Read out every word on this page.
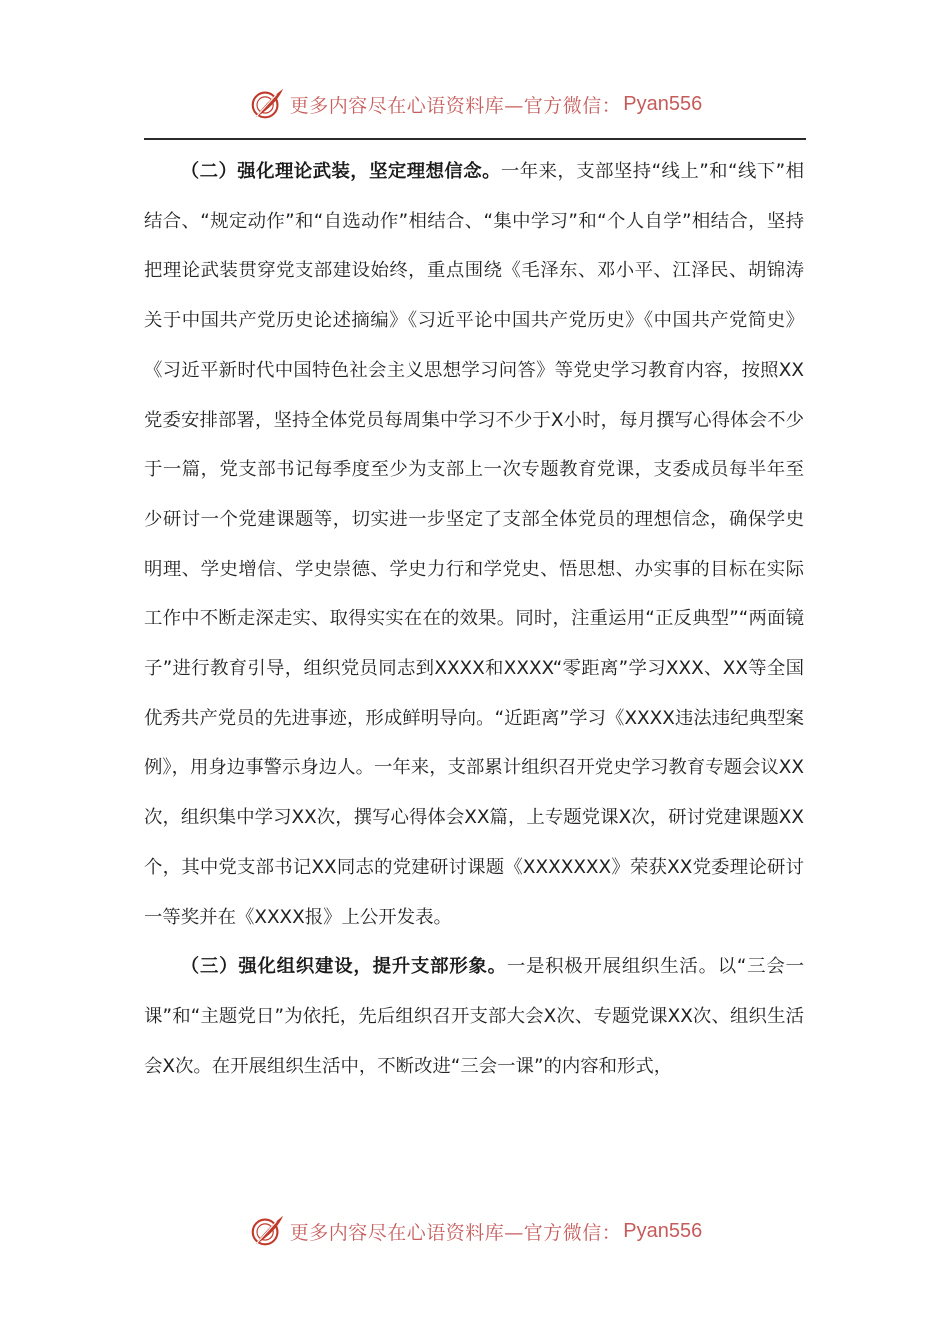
更多内容尽在心语资料库—官方微信： Pyan556

（二）强化理论武装，坚定理想信念。一年来，支部坚持“线上”和“线下”相结合、“规定动作”和“自选动作”相结合、“集中学习”和“个人自学”相结合，坚持把理论武装贯穿党支部建设始终，重点围绕《毛泽东、邓小平、江泽民、胡锦涛关于中国共产党历史论述摘编》《习近平论中国共产党历史》《中国共产党简史》《习近平新时代中国特色社会主义思想学习问答》等党史学习教育内容，按照XX党委安排部署，坚持全体党员每周集中学习不少于X小时，每月撰写心得体会不少于一篇，党支部书记每季度至少为支部上一次专题教育党课，支委成员每半年至少研讨一个党建课题等，切实进一步坚定了支部全体党员的理想信念，确保学史明理、学史增信、学史崇德、学史力行和学党史、悟思想、办实事的目标在实际工作中不断走深走实、取得实实在在的效果。同时，注重运用“正反典型”“两面镜子”进行教育引导，组织党员同志到XXXX和XXXX“零距离”学习XXX、XX等全国优秀共产党员的先进事迹，形成鲜明导向。“近距离”学习《XXXX违法违纪典型案例》，用身边事警示身边人。一年来，支部累计组织召开党史学习教育专题会议XX次，组织集中学习XX次，撰写心得体会XX篇，上专题党课X次，研讨党建课题XX个，其中党支部书记XX同志的党建研讨课题《XXXXXXX》荣获XX党委理论研讨一等奖并在《XXXX报》上公开发表。

（三）强化组织建设，提升支部形象。一是积极开展组织生活。以“三会一课”和“主题党日”为依托，先后组织召开支部大会X次、专题党课XX次、组织生活会X次。在开展组织生活中，不断改进“三会一课”的内容和形式，

更多内容尽在心语资料库—官方微信： Pyan556
